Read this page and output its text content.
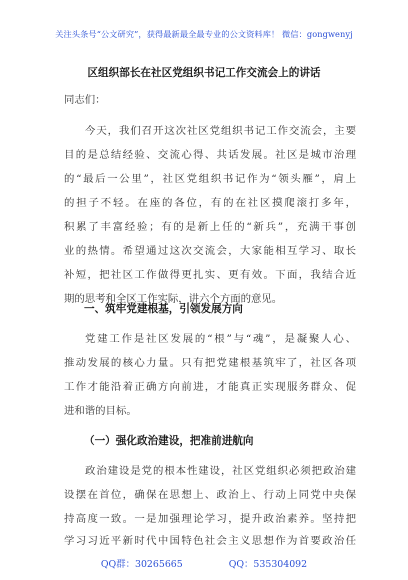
关注头条号“公文研究”，获得最新最全最专业的公文资料库！ 微信：gongwenyj
区组织部长在社区党组织书记工作交流会上的讲话
同志们：
今天，我们召开这次社区党组织书记工作交流会，主要
目的是总结经验、交流心得、共话发展。社区是城市治理
的“最后一公里”，社区党组织书记作为“领头雁”，肩上
的担子不轻。在座的各位，有的在社区摸爬滚打多年，
积累了丰富经验；有的是新上任的“新兵”，充满干事创
业的热情。希望通过这次交流会，大家能相互学习、取长
补短，把社区工作做得更扎实、更有效。下面，我结合近
期的思考和全区工作实际，讲六个方面的意见。
一、筑牢党建根基，引领发展方向
党建工作是社区发展的“根”与“魂”，是凝聚人心、
推动发展的核心力量。只有把党建根基筑牢了，社区各项
工作才能沿着正确方向前进，才能真正实现服务群众、促
进和谐的目标。
（一）强化政治建设，把准前进航向
政治建设是党的根本性建设，社区党组织必须把政治建
设摆在首位，确保在思想上、政治上、行动上同党中央保
持高度一致。一是加强理论学习，提升政治素养。坚持把
学习习近平新时代中国特色社会主义思想作为首要政治任
QQ群：30265665	QQ：535304092
